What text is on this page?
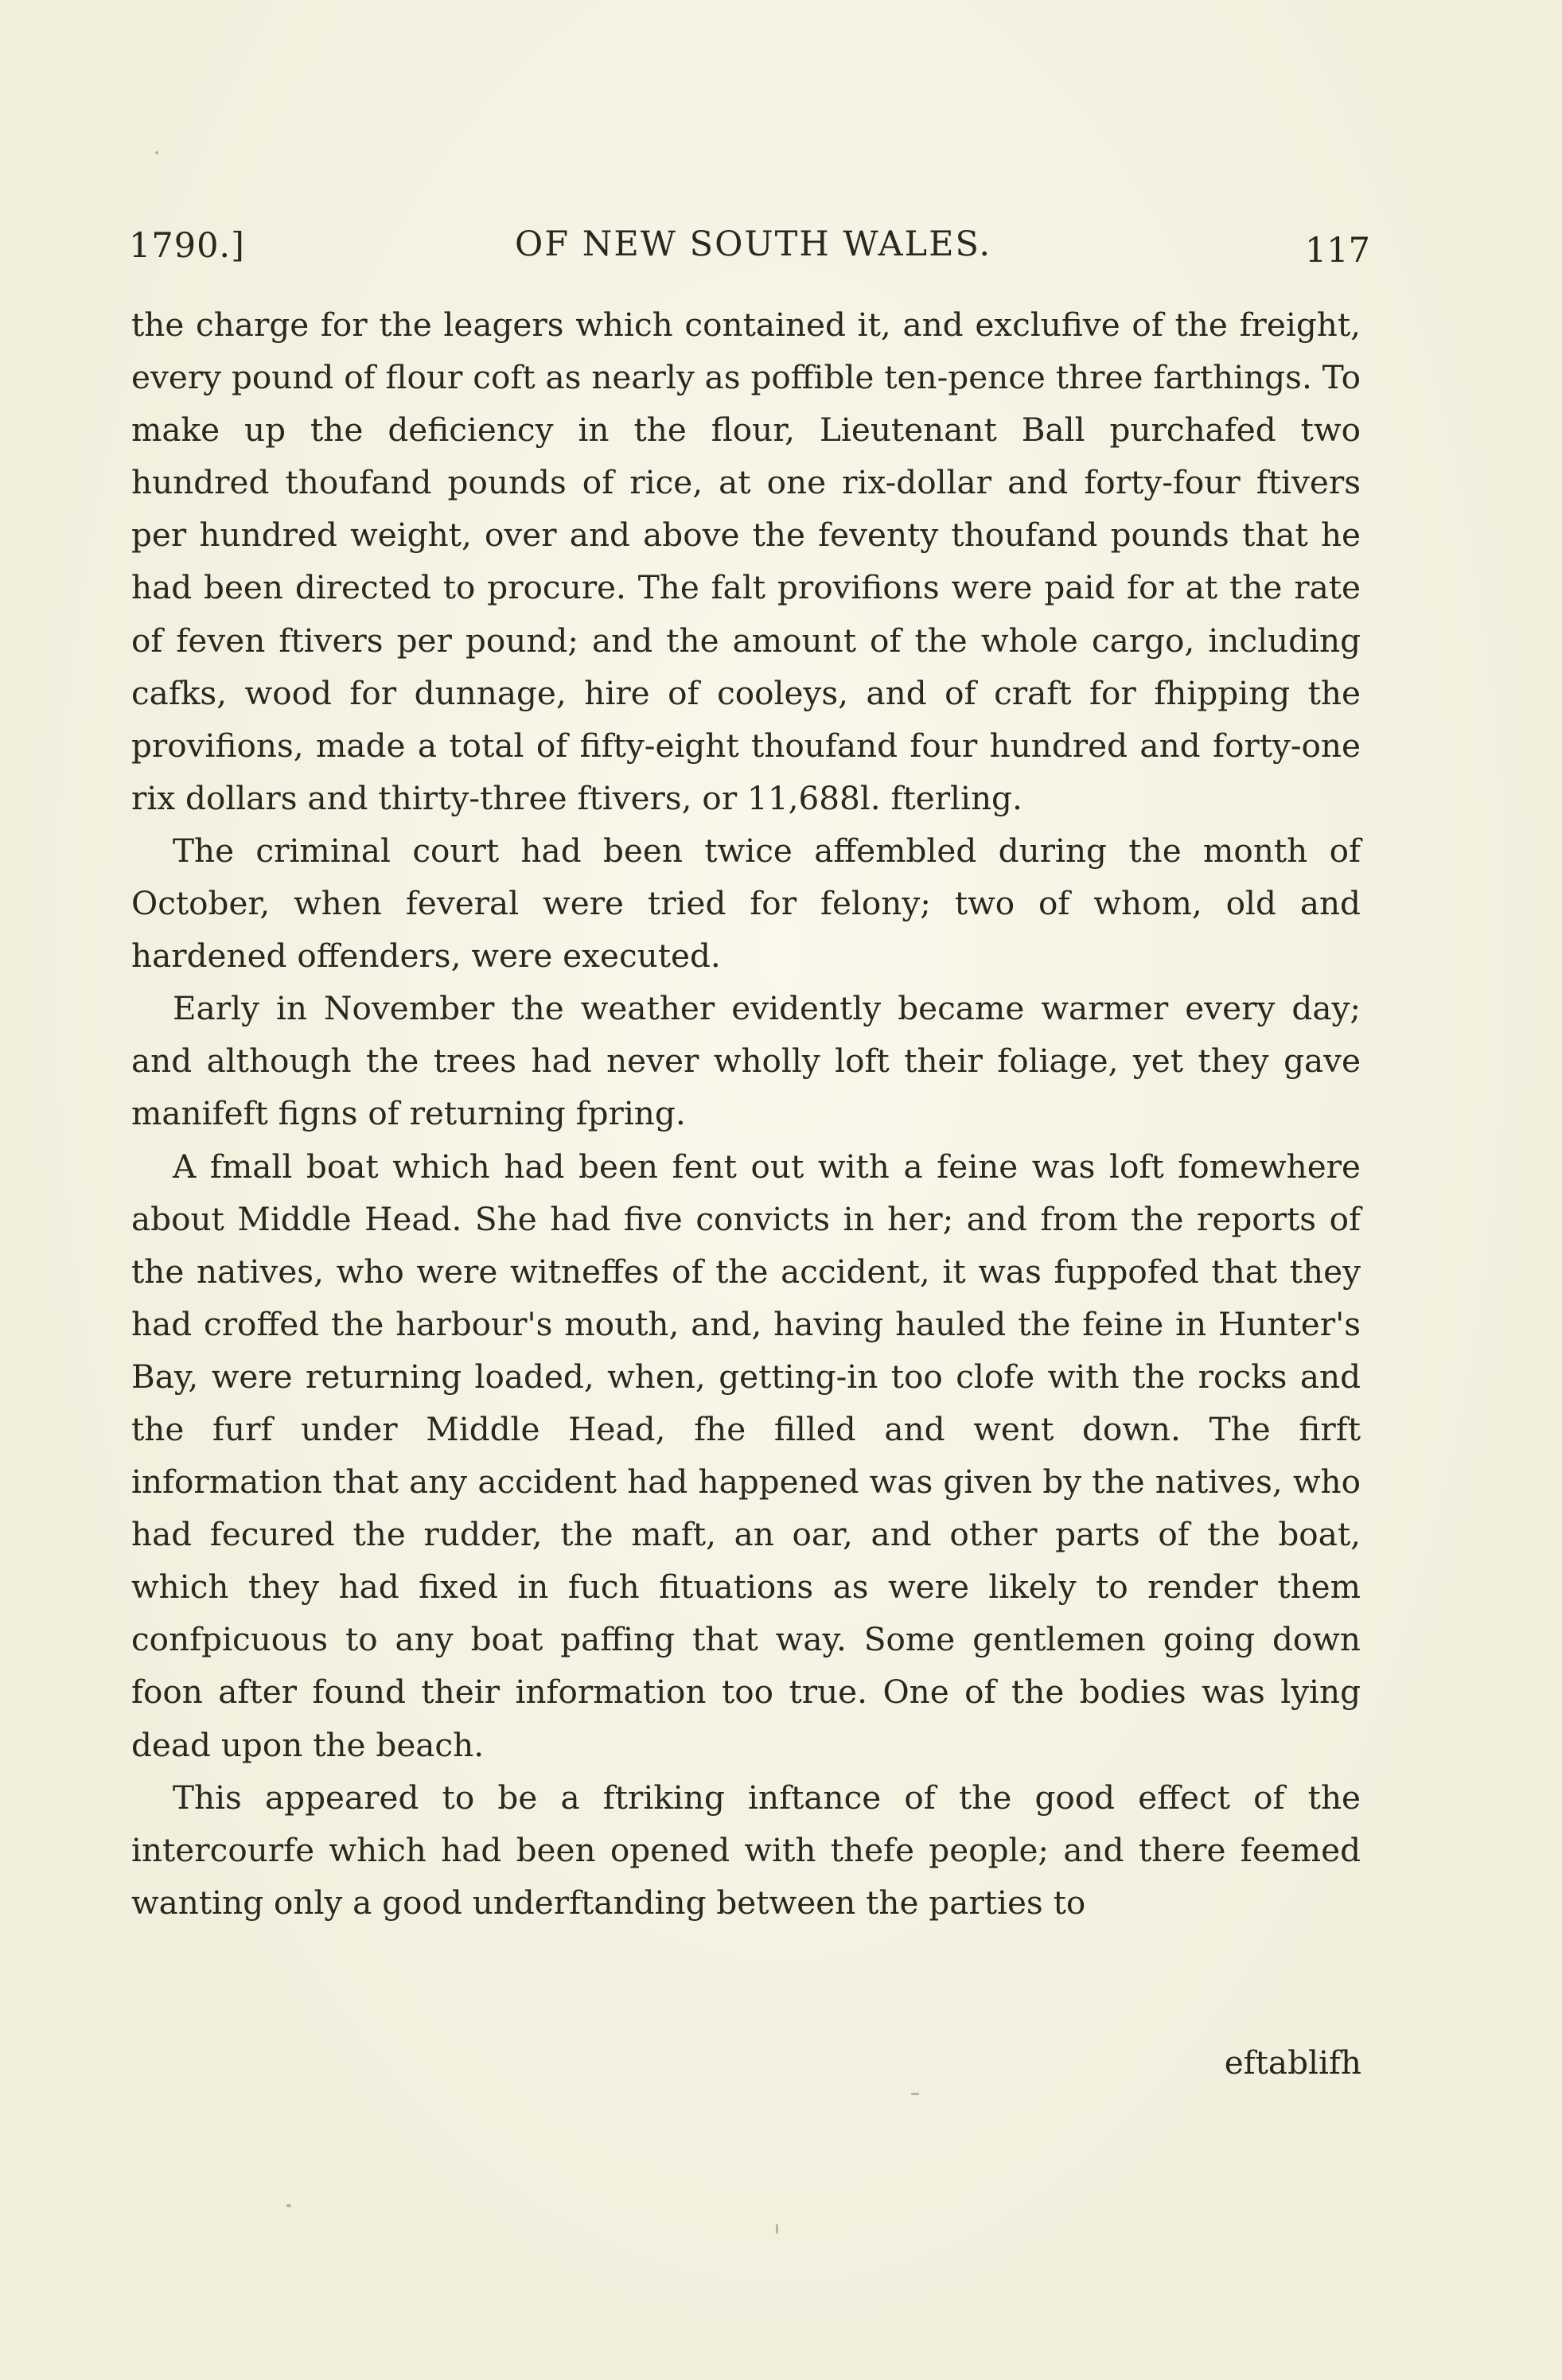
1790.]	OF NEW SOUTH WALES.	117

the charge for the leagers which contained it, and exclufive of the freight, every pound of flour coft as nearly as poffible ten-pence three farthings. To make up the deficiency in the flour, Lieutenant Ball purchafed two hundred thoufand pounds of rice, at one rix-dollar and forty-four ftivers per hundred weight, over and above the feventy thoufand pounds that he had been directed to procure. The falt provifions were paid for at the rate of feven ftivers per pound; and the amount of the whole cargo, including cafks, wood for dunnage, hire of cooleys, and of craft for fhipping the provifions, made a total of fifty-eight thoufand four hundred and forty-one rix dollars and thirty-three ftivers, or 11,688l. fterling.

The criminal court had been twice affembled during the month of October, when feveral were tried for felony; two of whom, old and hardened offenders, were executed.

Early in November the weather evidently became warmer every day; and although the trees had never wholly loft their foliage, yet they gave manifeft figns of returning fpring.

A fmall boat which had been fent out with a feine was loft fomewhere about Middle Head. She had five convicts in her; and from the reports of the natives, who were witneffes of the accident, it was fuppofed that they had croffed the harbour's mouth, and, having hauled the feine in Hunter's Bay, were returning loaded, when, getting-in too clofe with the rocks and the furf under Middle Head, fhe filled and went down. The firft information that any accident had happened was given by the natives, who had fecured the rudder, the maft, an oar, and other parts of the boat, which they had fixed in fuch fituations as were likely to render them confpicuous to any boat paffing that way. Some gentlemen going down foon after found their information too true. One of the bodies was lying dead upon the beach.

This appeared to be a ftriking inftance of the good effect of the intercourfe which had been opened with thefe people; and there feemed wanting only a good underftanding between the parties to

eftablifh
